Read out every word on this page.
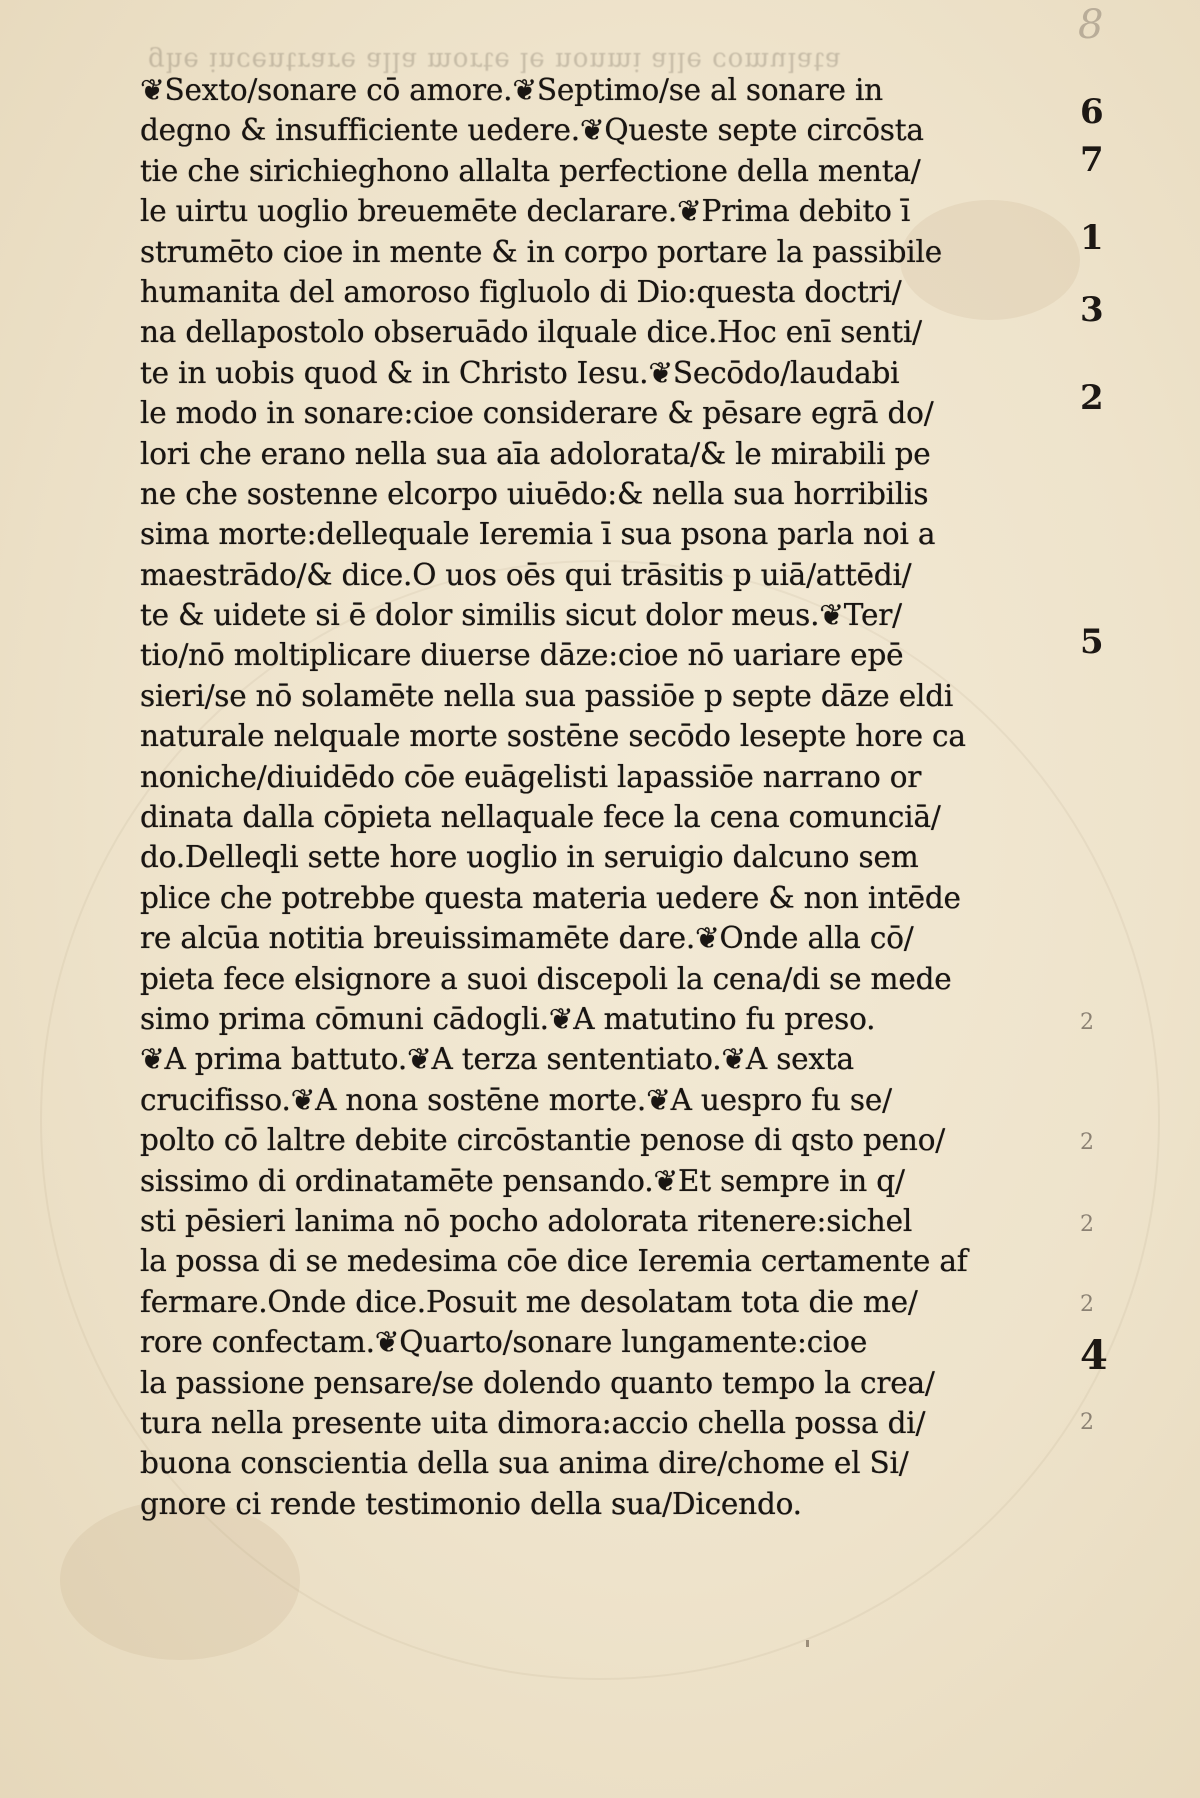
8
ghe incentrare alla morte le nonmi alle comulata
❦Sexto/sonare cō amore.❦Septimo/se al sonare in
degno & insufficiente uedere.❦Queste septe circōsta
tie che sirichieghono allalta perfectione della menta/
le uirtu uoglio breuemēte declarare.❦Prima debito ī
strumēto cioe in mente & in corpo portare la passibile
humanita del amoroso figluolo di Dio:questa doctri/
na dellapostolo obseruādo ilquale dice.Hoc enī senti/
te in uobis quod & in Christo Iesu.❦Secōdo/laudabi
le modo in sonare:cioe considerare & pēsare egrā do/
lori che erano nella sua aīa adolorata/& le mirabili pe
ne che sostenne elcorpo uiuēdo:& nella sua horribilis
sima morte:dellequale Ieremia ī sua psona parla noi a
maestrādo/& dice.O uos oēs qui trāsitis p uiā/attēdi/
te & uidete si ē dolor similis sicut dolor meus.❦Ter/
tio/nō moltiplicare diuerse dāze:cioe nō uariare epē
sieri/se nō solamēte nella sua passiōe p septe dāze eldi
naturale nelquale morte sostēne secōdo lesepte hore ca
noniche/diuidēdo cōe euāgelisti lapassiōe narrano or
dinata dalla cōpieta nellaquale fece la cena comunciā/
do.Delleqli sette hore uoglio in seruigio dalcuno sem
plice che potrebbe questa materia uedere & non intēde
re alcūa notitia breuissimamēte dare.❦Onde alla cō/
pieta fece elsignore a suoi discepoli la cena/di se mede
simo prima cōmuni cādogli.❦A matutino fu preso.
❦A prima battuto.❦A terza sententiato.❦A sexta
crucifisso.❦A nona sostēne morte.❦A uespro fu se/
polto cō laltre debite circōstantie penose di qsto peno/
sissimo di ordinatamēte pensando.❦Et sempre in q/
sti pēsieri lanima nō pocho adolorata ritenere:sichel
la possa di se medesima cōe dice Ieremia certamente af
fermare.Onde dice.Posuit me desolatam tota die me/
rore confectam.❦Quarto/sonare lungamente:cioe
la passione pensare/se dolendo quanto tempo la crea/
tura nella presente uita dimora:accio chella possa di/
buona conscientia della sua anima dire/chome el Si/
gnore ci rende testimonio della sua/Dicendo.
6
7
1
3
2
5
2
2
2
2
4
2
